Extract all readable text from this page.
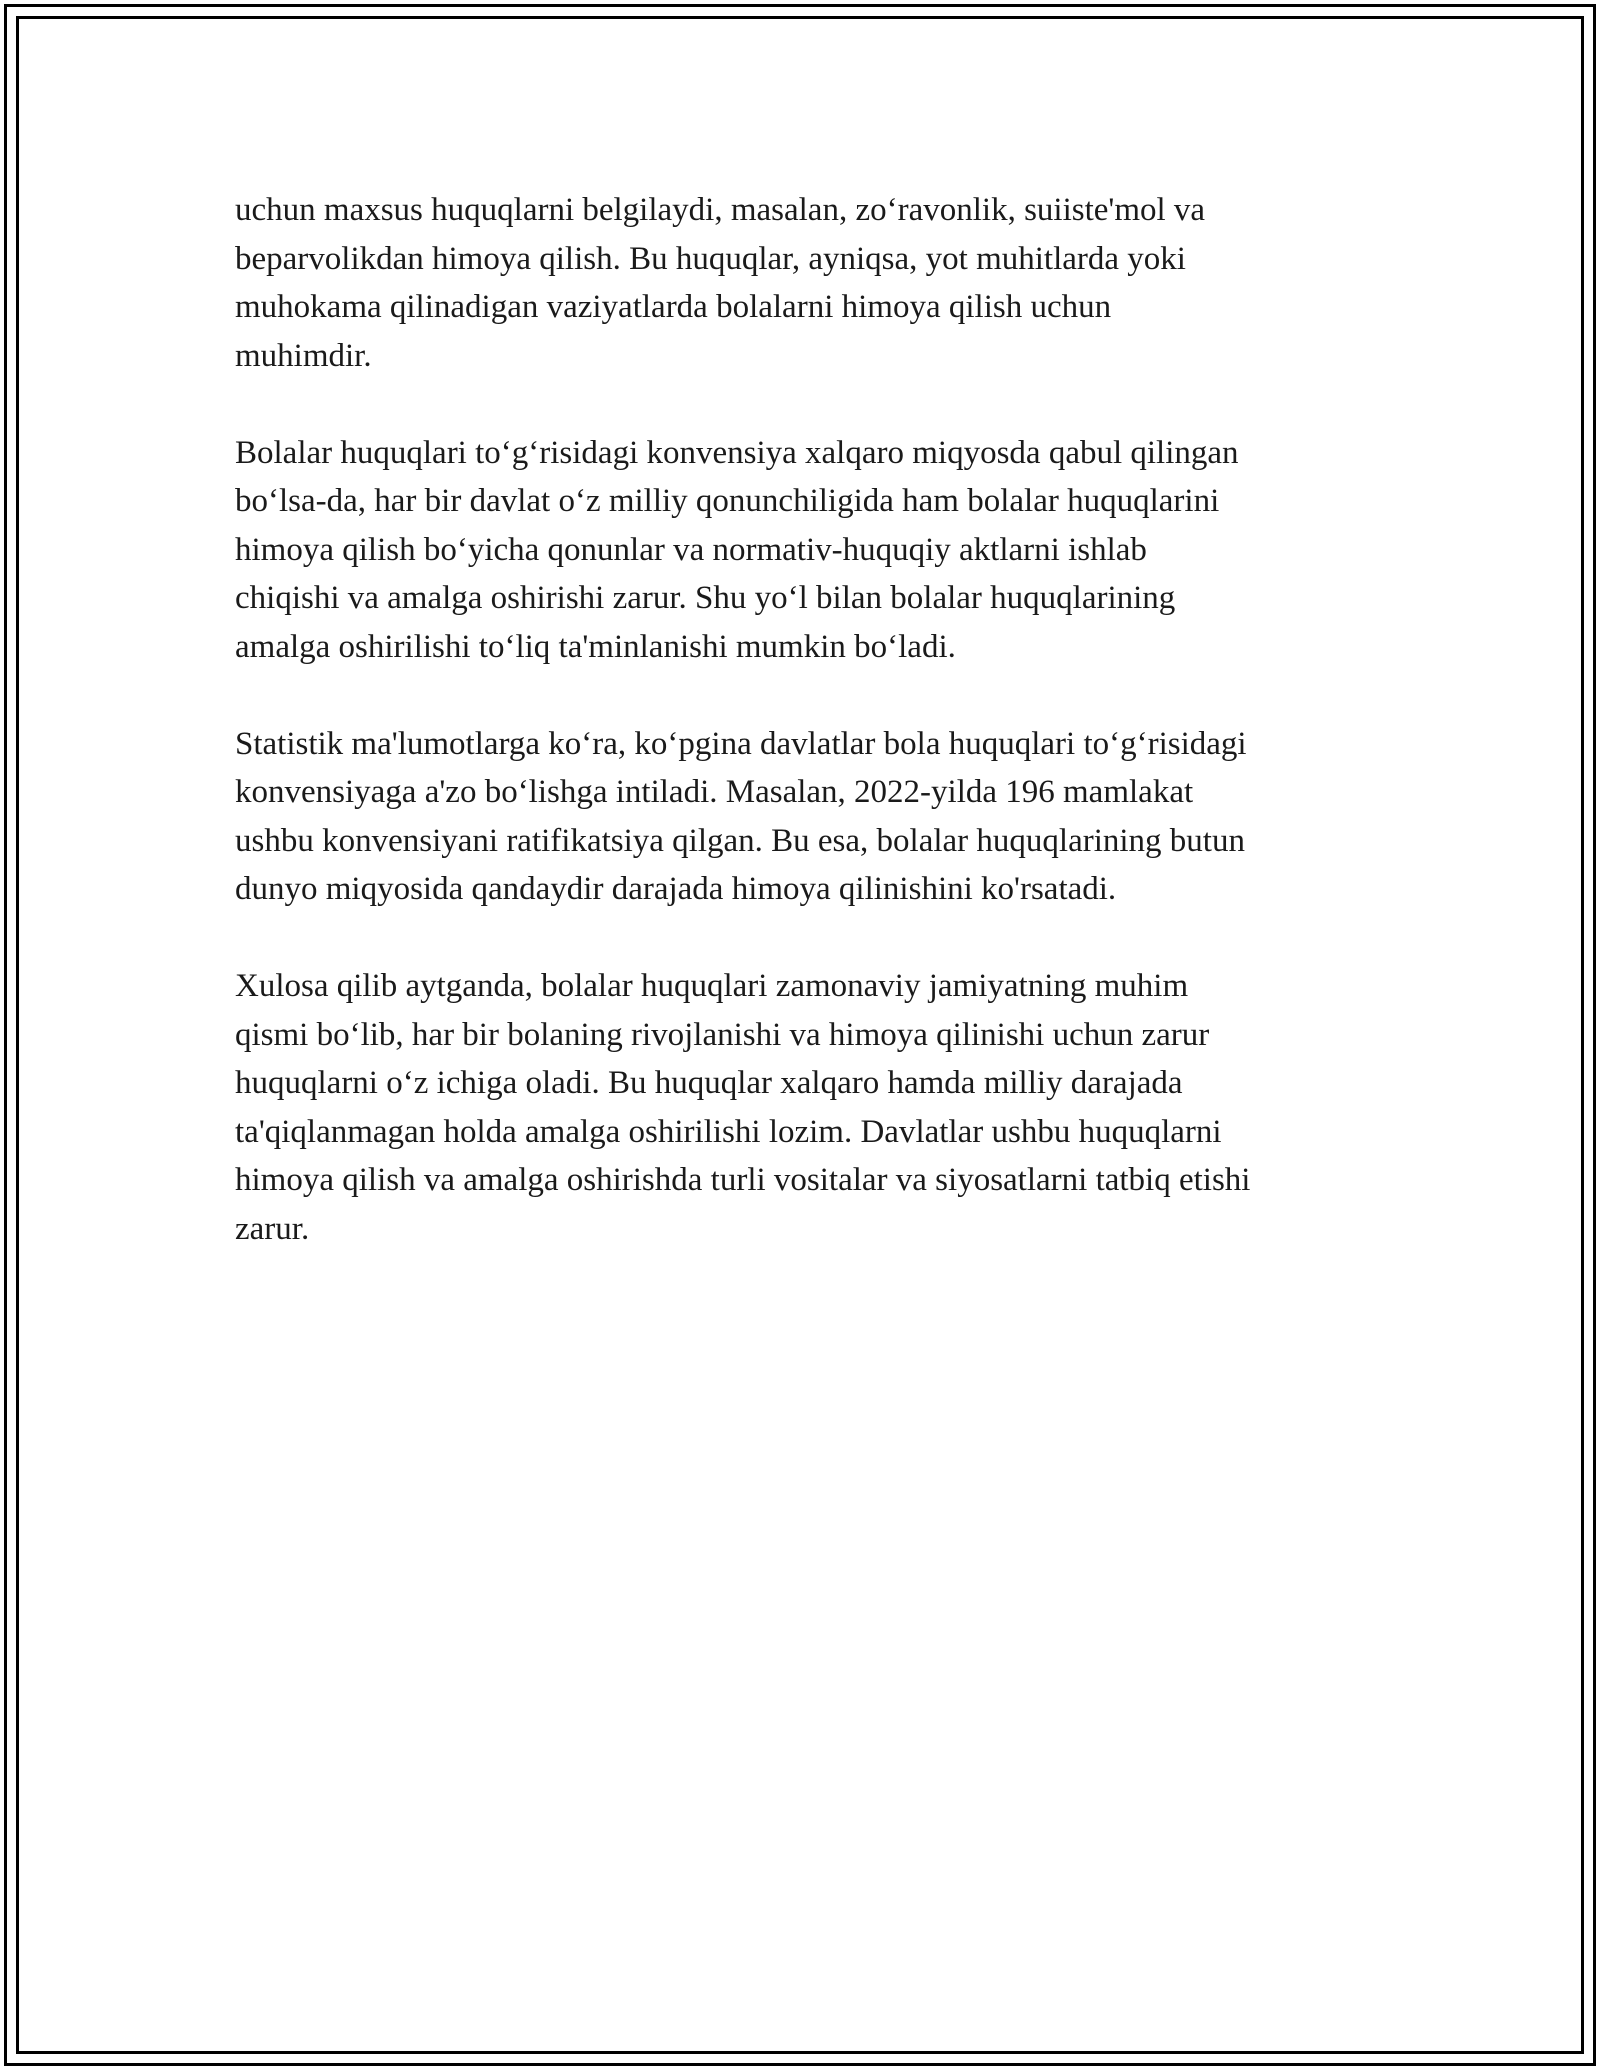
uchun maxsus huquqlarni belgilaydi, masalan, zo‘ravonlik, suiiste'mol va
beparvolikdan himoya qilish. Bu huquqlar, ayniqsa, yot muhitlarda yoki
muhokama qilinadigan vaziyatlarda bolalarni himoya qilish uchun
muhimdir.

Bolalar huquqlari to‘g‘risidagi konvensiya xalqaro miqyosda qabul qilingan
bo‘lsa-da, har bir davlat o‘z milliy qonunchiligida ham bolalar huquqlarini
himoya qilish bo‘yicha qonunlar va normativ-huquqiy aktlarni ishlab
chiqishi va amalga oshirishi zarur. Shu yo‘l bilan bolalar huquqlarining
amalga oshirilishi to‘liq ta'minlanishi mumkin bo‘ladi.

Statistik ma'lumotlarga ko‘ra, ko‘pgina davlatlar bola huquqlari to‘g‘risidagi
konvensiyaga a'zo bo‘lishga intiladi. Masalan, 2022-yilda 196 mamlakat
ushbu konvensiyani ratifikatsiya qilgan. Bu esa, bolalar huquqlarining butun
dunyo miqyosida qandaydir darajada himoya qilinishini ko'rsatadi.

Xulosa qilib aytganda, bolalar huquqlari zamonaviy jamiyatning muhim
qismi bo‘lib, har bir bolaning rivojlanishi va himoya qilinishi uchun zarur
huquqlarni o‘z ichiga oladi. Bu huquqlar xalqaro hamda milliy darajada
ta'qiqlanmagan holda amalga oshirilishi lozim. Davlatlar ushbu huquqlarni
himoya qilish va amalga oshirishda turli vositalar va siyosatlarni tatbiq etishi
zarur.
